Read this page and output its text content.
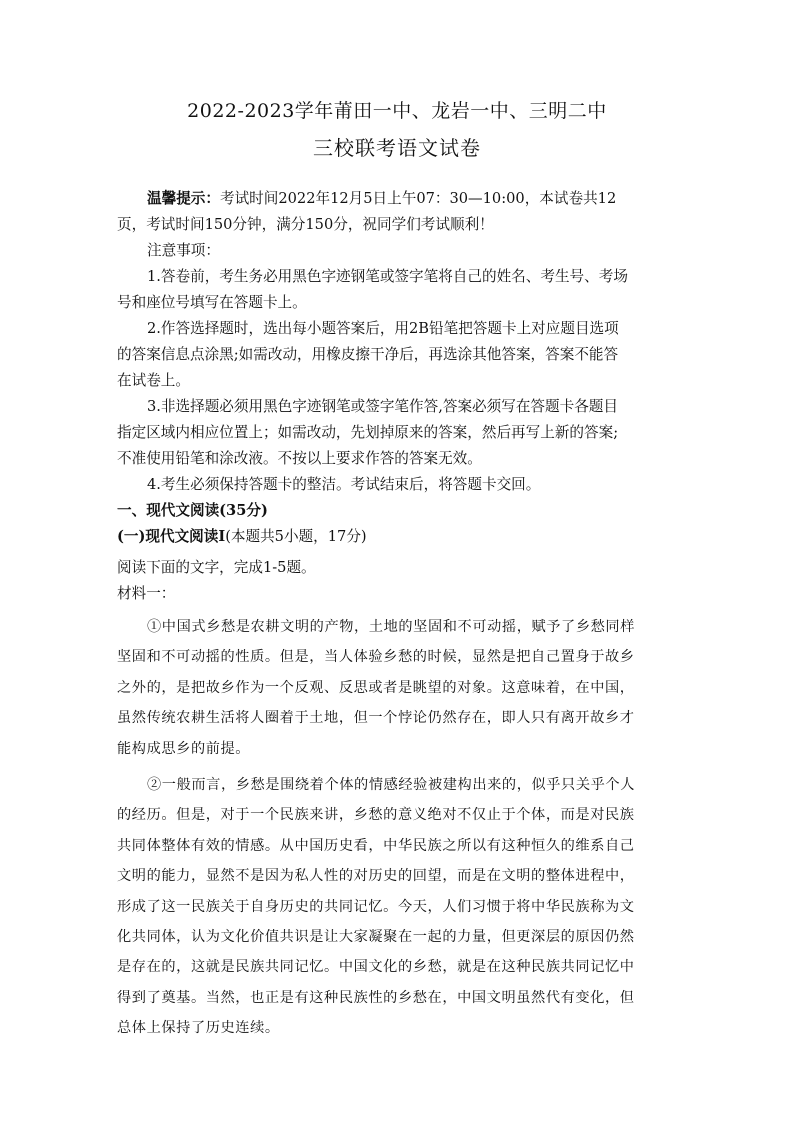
2022-2023学年莆田一中、龙岩一中、三明二中
三校联考语文试卷
温馨提示：考试时间2022年12月5日上午07：30—10:00，本试卷共12
页，考试时间150分钟，满分150分，祝同学们考试顺利！
注意事项：
1.答卷前，考生务必用黑色字迹钢笔或签字笔将自己的姓名、考生号、考场
号和座位号填写在答题卡上。
2.作答选择题时，选出每小题答案后，用2B铅笔把答题卡上对应题目选项
的答案信息点涂黑;如需改动，用橡皮擦干净后，再选涂其他答案，答案不能答
在试卷上。
3.非选择题必须用黑色字迹钢笔或签字笔作答,答案必须写在答题卡各题目
指定区域内相应位置上；如需改动，先划掉原来的答案，然后再写上新的答案;
不准使用铅笔和涂改液。不按以上要求作答的答案无效。
4.考生必须保持答题卡的整洁。考试结束后，将答题卡交回。
一、现代文阅读(35分)
(一)现代文阅读Ⅰ(本题共5小题，17分)
阅读下面的文字，完成1-5题。
材料一：
①中国式乡愁是农耕文明的产物，土地的坚固和不可动摇，赋予了乡愁同样
坚固和不可动摇的性质。但是，当人体验乡愁的时候，显然是把自己置身于故乡
之外的，是把故乡作为一个反观、反思或者是眺望的对象。这意味着，在中国，
虽然传统农耕生活将人圈着于土地，但一个悖论仍然存在，即人只有离开故乡才
能构成思乡的前提。
②一般而言，乡愁是围绕着个体的情感经验被建构出来的，似乎只关乎个人
的经历。但是，对于一个民族来讲，乡愁的意义绝对不仅止于个体，而是对民族
共同体整体有效的情感。从中国历史看，中华民族之所以有这种恒久的维系自己
文明的能力，显然不是因为私人性的对历史的回望，而是在文明的整体进程中，
形成了这一民族关于自身历史的共同记忆。今天，人们习惯于将中华民族称为文
化共同体，认为文化价值共识是让大家凝聚在一起的力量，但更深层的原因仍然
是存在的，这就是民族共同记忆。中国文化的乡愁，就是在这种民族共同记忆中
得到了奠基。当然，也正是有这种民族性的乡愁在，中国文明虽然代有变化，但
总体上保持了历史连续。
